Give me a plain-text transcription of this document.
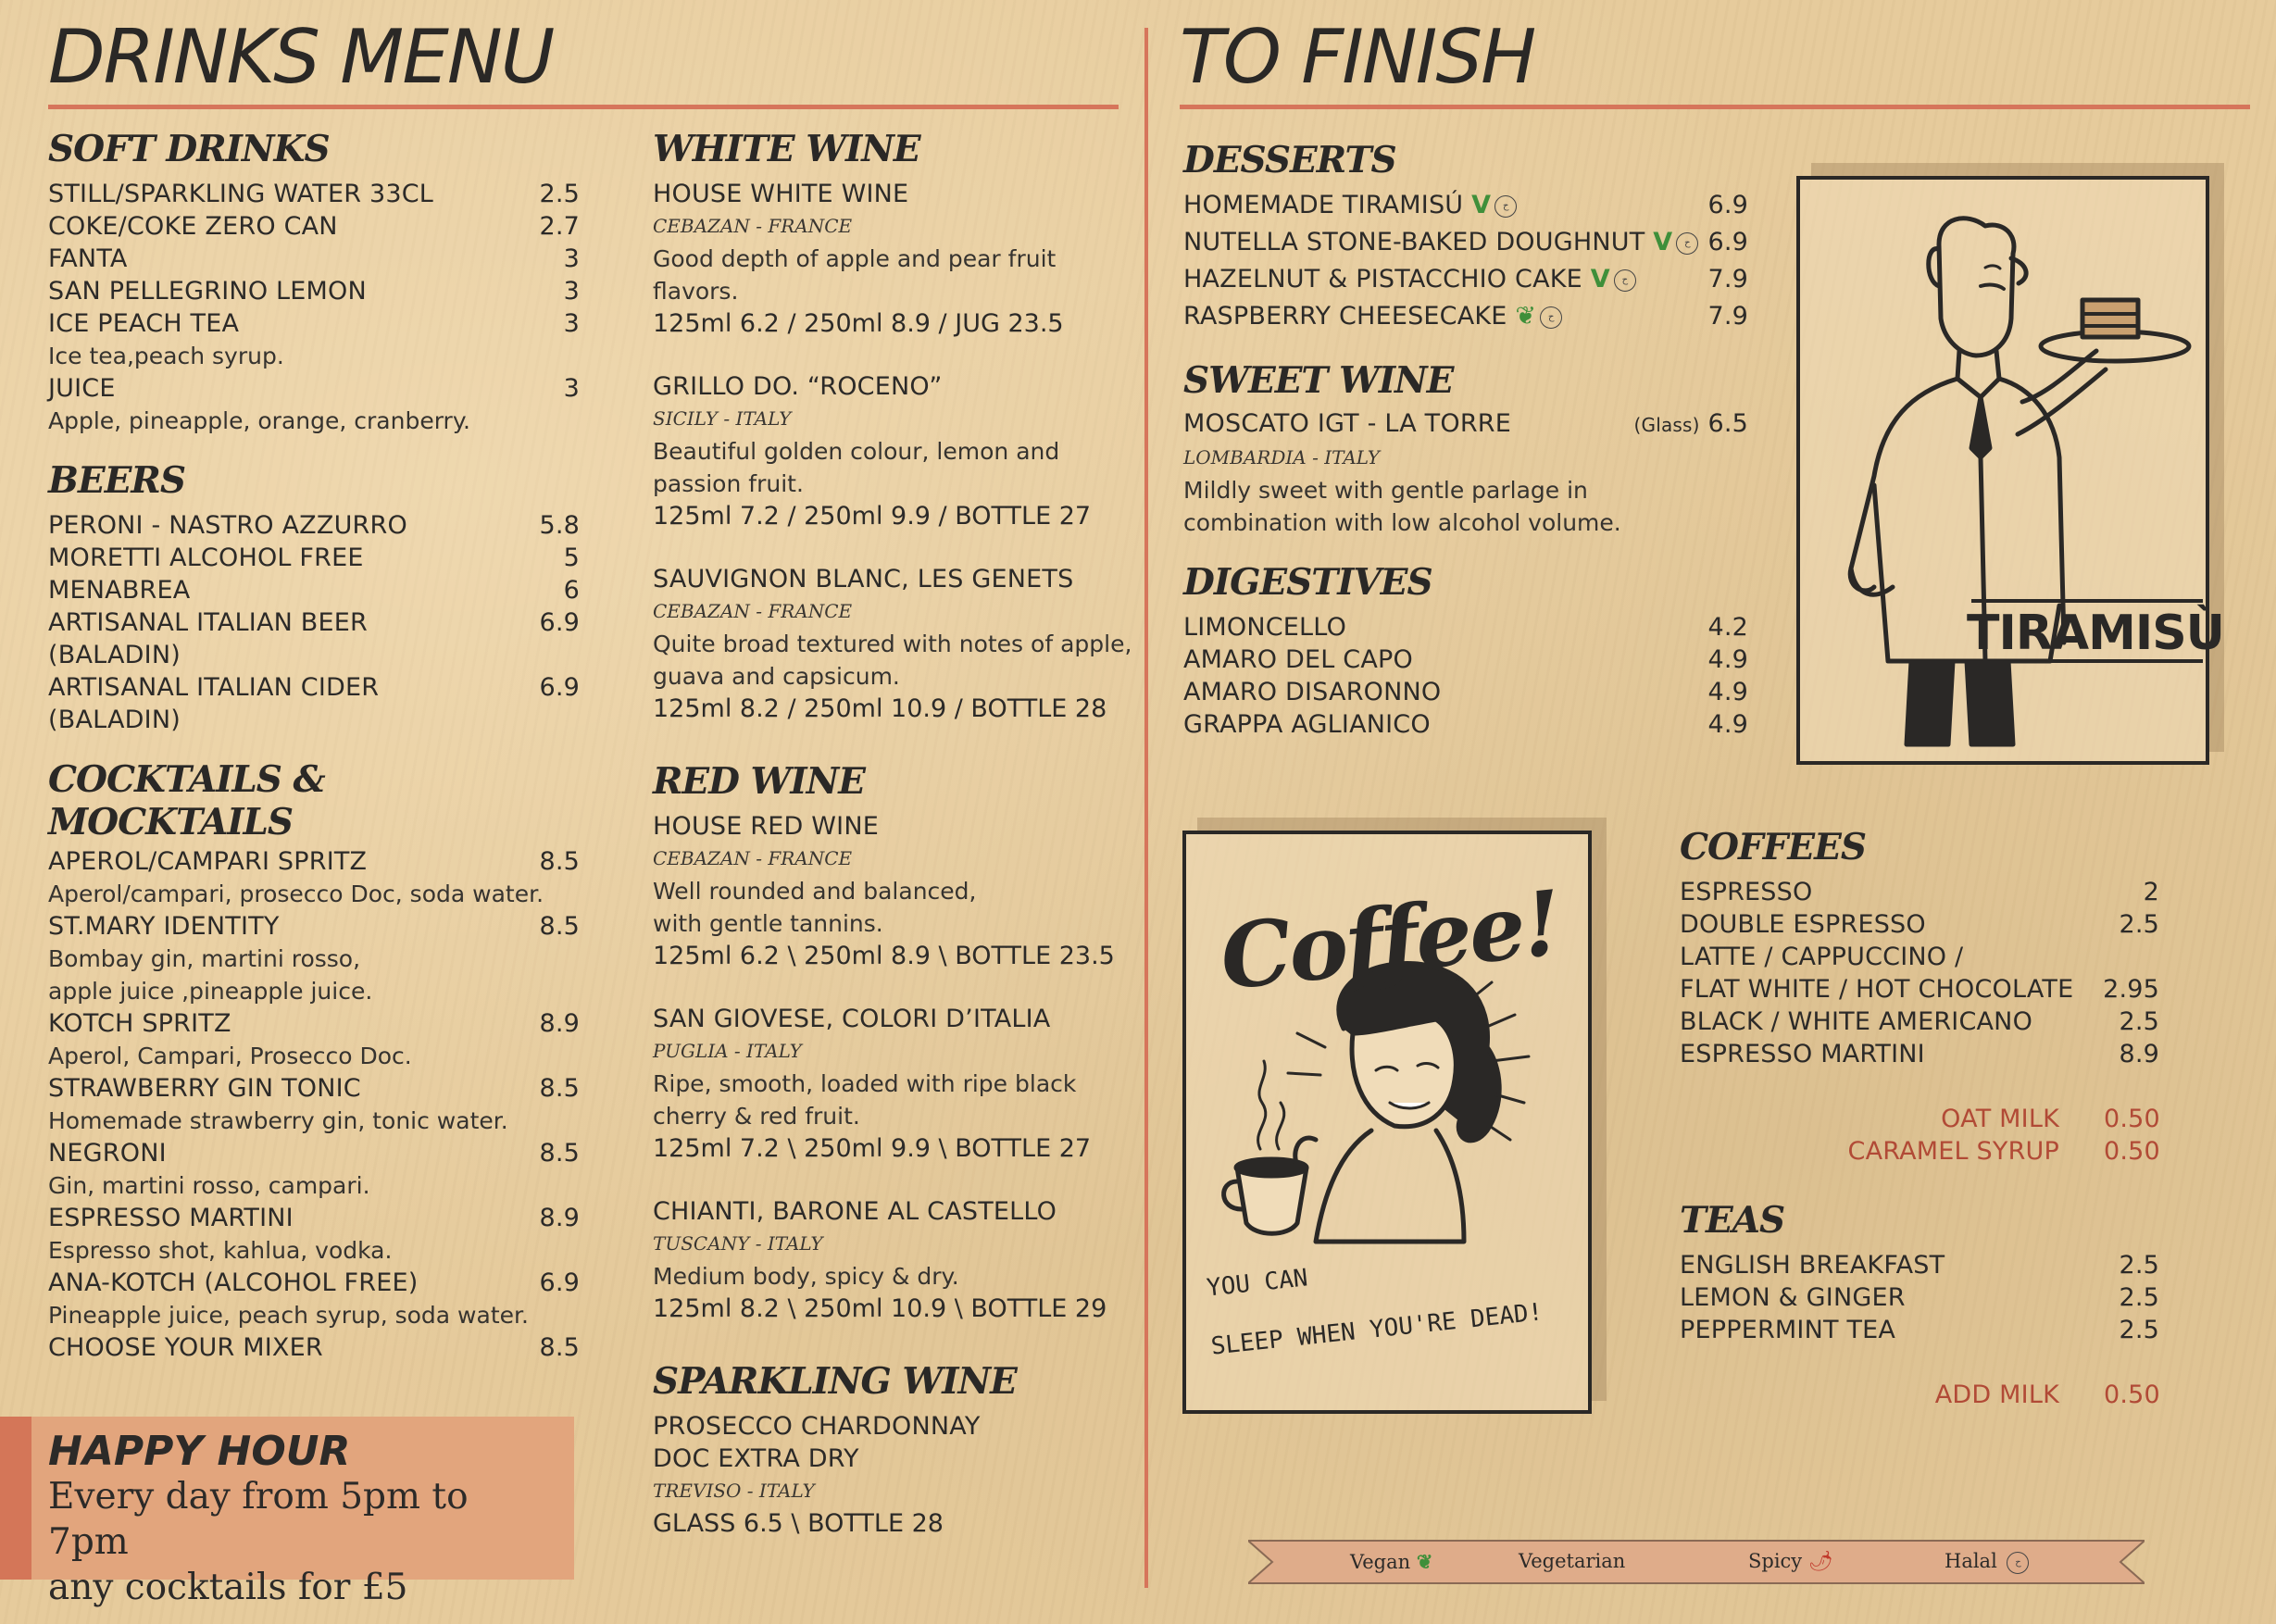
DRINKS MENU
SOFT DRINKS
STILL/SPARKLING WATER 33CL	2.5
COKE/COKE ZERO CAN	2.7
FANTA	3
SAN PELLEGRINO LEMON	3
ICE PEACH TEA	3
Ice tea,peach syrup.
JUICE	3
Apple, pineapple, orange, cranberry.
BEERS
PERONI - NASTRO AZZURRO	5.8
MORETTI ALCOHOL FREE	5
MENABREA	6
ARTISANAL ITALIAN BEER	6.9
(BALADIN)
ARTISANAL ITALIAN CIDER	6.9
(BALADIN)
COCKTAILS &
MOCKTAILS
APEROL/CAMPARI SPRITZ	8.5
Aperol/campari, prosecco Doc, soda water.
ST.MARY IDENTITY	8.5
Bombay gin, martini rosso,
apple juice ,pineapple juice.
KOTCH SPRITZ	8.9
Aperol, Campari, Prosecco Doc.
STRAWBERRY GIN TONIC	8.5
Homemade strawberry gin, tonic water.
NEGRONI	8.5
Gin, martini rosso, campari.
ESPRESSO MARTINI	8.9
Espresso shot, kahlua, vodka.
ANA-KOTCH (ALCOHOL FREE)	6.9
Pineapple juice, peach syrup, soda water.
CHOOSE YOUR MIXER	8.5
HAPPY HOUR
Every day from 5pm to 7pm
any cocktails for £5
WHITE WINE
HOUSE WHITE WINE
CEBAZAN - FRANCE
Good depth of apple and pear fruit flavors.
125ml 6.2 / 250ml 8.9 / JUG 23.5
GRILLO DO. “ROCENO”
SICILY - ITALY
Beautiful golden colour, lemon and
passion fruit.
125ml 7.2 / 250ml 9.9 / BOTTLE 27
SAUVIGNON BLANC, LES GENETS
CEBAZAN - FRANCE
Quite broad textured with notes of apple,
guava and capsicum.
125ml 8.2 / 250ml 10.9 / BOTTLE 28
RED WINE
HOUSE RED WINE
CEBAZAN - FRANCE
Well rounded and balanced,
with gentle tannins.
125ml 6.2 \ 250ml 8.9 \ BOTTLE 23.5
SAN GIOVESE, COLORI D’ITALIA
PUGLIA - ITALY
Ripe, smooth, loaded with ripe black
cherry & red fruit.
125ml 7.2 \ 250ml 9.9 \ BOTTLE 27
CHIANTI, BARONE AL CASTELLO
TUSCANY - ITALY
Medium body, spicy & dry.
125ml 8.2 \ 250ml 10.9 \ BOTTLE 29
SPARKLING WINE
PROSECCO CHARDONNAY
DOC EXTRA DRY
TREVISO - ITALY
GLASS 6.5 \ BOTTLE 28
TO FINISH
DESSERTS
HOMEMADE TIRAMISÚ V ح	6.9
NUTELLA STONE-BAKED DOUGHNUT V ح 6.9
HAZELNUT & PISTACCHIO CAKE V ح	7.9
RASPBERRY CHEESECAKE ❦ ح	7.9
SWEET WINE
MOSCATO IGT - LA TORRE	(Glass) 6.5
LOMBARDIA - ITALY
Mildly sweet with gentle parlage in
combination with low alcohol volume.
DIGESTIVES
LIMONCELLO	4.2
AMARO DEL CAPO	4.9
AMARO DISARONNO	4.9
GRAPPA AGLIANICO	4.9
TIRAMISÙ
Coffee!
YOU CAN
SLEEP WHEN YOU'RE DEAD!
COFFEES
ESPRESSO	2
DOUBLE ESPRESSO	2.5
LATTE / CAPPUCCINO /
FLAT WHITE / HOT CHOCOLATE 2.95
BLACK / WHITE AMERICANO	2.5
ESPRESSO MARTINI	8.9
OAT MILK 0.50
CARAMEL SYRUP 0.50
TEAS
ENGLISH BREAKFAST	2.5
LEMON & GINGER	2.5
PEPPERMINT TEA	2.5
ADD MILK 0.50
Vegan ❦	Vegetarian	Spicy 🌶	Halal ح
